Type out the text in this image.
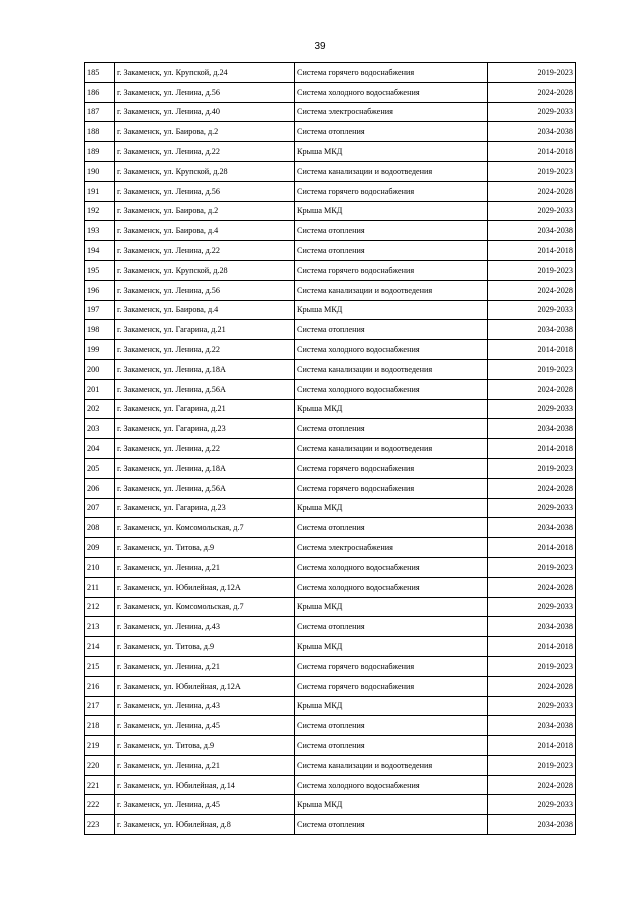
39
185	г. Закаменск, ул. Крупской, д.24	Система горячего водоснабжения	2019-2023
186	г. Закаменск, ул. Ленина, д.56	Система холодного водоснабжения	2024-2028
187	г. Закаменск, ул. Ленина, д.40	Система электроснабжения	2029-2033
188	г. Закаменск, ул. Баирова, д.2	Система отопления	2034-2038
189	г. Закаменск, ул. Ленина, д.22	Крыша МКД	2014-2018
190	г. Закаменск, ул. Крупской, д.28	Система канализации и водоотведения	2019-2023
191	г. Закаменск, ул. Ленина, д.56	Система горячего водоснабжения	2024-2028
192	г. Закаменск, ул. Баирова, д.2	Крыша МКД	2029-2033
193	г. Закаменск, ул. Баирова, д.4	Система отопления	2034-2038
194	г. Закаменск, ул. Ленина, д.22	Система отопления	2014-2018
195	г. Закаменск, ул. Крупской, д.28	Система горячего водоснабжения	2019-2023
196	г. Закаменск, ул. Ленина, д.56	Система канализации и водоотведения	2024-2028
197	г. Закаменск, ул. Баирова, д.4	Крыша МКД	2029-2033
198	г. Закаменск, ул. Гагарина, д.21	Система отопления	2034-2038
199	г. Закаменск, ул. Ленина, д.22	Система холодного водоснабжения	2014-2018
200	г. Закаменск, ул. Ленина, д.18А	Система канализации и водоотведения	2019-2023
201	г. Закаменск, ул. Ленина, д.56А	Система холодного водоснабжения	2024-2028
202	г. Закаменск, ул. Гагарина, д.21	Крыша МКД	2029-2033
203	г. Закаменск, ул. Гагарина, д.23	Система отопления	2034-2038
204	г. Закаменск, ул. Ленина, д.22	Система канализации и водоотведения	2014-2018
205	г. Закаменск, ул. Ленина, д.18А	Система горячего водоснабжения	2019-2023
206	г. Закаменск, ул. Ленина, д.56А	Система горячего водоснабжения	2024-2028
207	г. Закаменск, ул. Гагарина, д.23	Крыша МКД	2029-2033
208	г. Закаменск, ул. Комсомольская, д.7	Система отопления	2034-2038
209	г. Закаменск, ул. Титова, д.9	Система электроснабжения	2014-2018
210	г. Закаменск, ул. Ленина, д.21	Система холодного водоснабжения	2019-2023
211	г. Закаменск, ул. Юбилейная, д.12А	Система холодного водоснабжения	2024-2028
212	г. Закаменск, ул. Комсомольская, д.7	Крыша МКД	2029-2033
213	г. Закаменск, ул. Ленина, д.43	Система отопления	2034-2038
214	г. Закаменск, ул. Титова, д.9	Крыша МКД	2014-2018
215	г. Закаменск, ул. Ленина, д.21	Система горячего водоснабжения	2019-2023
216	г. Закаменск, ул. Юбилейная, д.12А	Система горячего водоснабжения	2024-2028
217	г. Закаменск, ул. Ленина, д.43	Крыша МКД	2029-2033
218	г. Закаменск, ул. Ленина, д.45	Система отопления	2034-2038
219	г. Закаменск, ул. Титова, д.9	Система отопления	2014-2018
220	г. Закаменск, ул. Ленина, д.21	Система канализации и водоотведения	2019-2023
221	г. Закаменск, ул. Юбилейная, д.14	Система холодного водоснабжения	2024-2028
222	г. Закаменск, ул. Ленина, д.45	Крыша МКД	2029-2033
223	г. Закаменск, ул. Юбилейная, д.8	Система отопления	2034-2038
